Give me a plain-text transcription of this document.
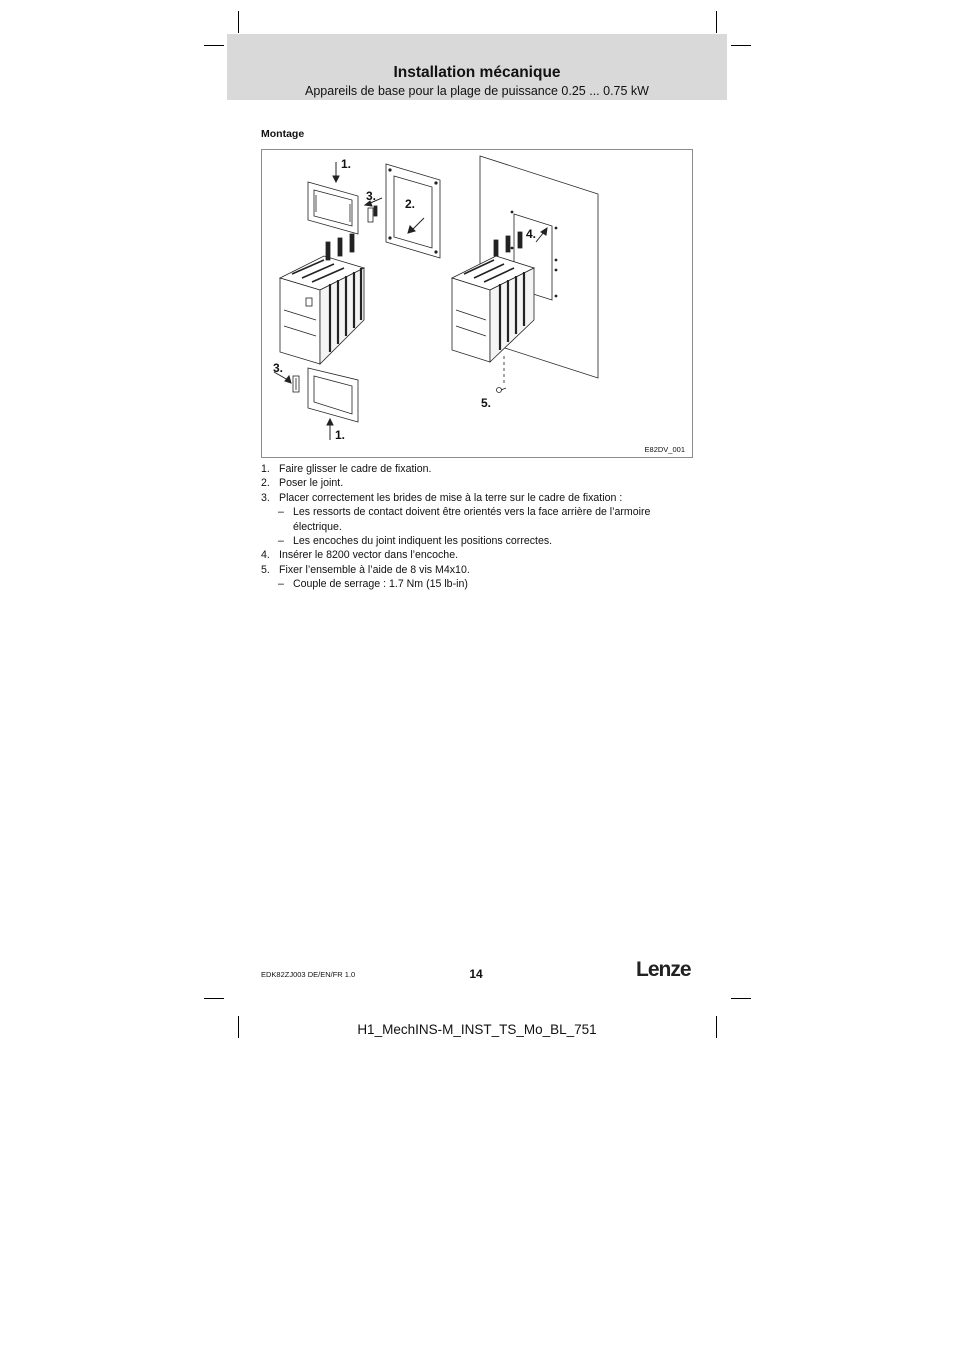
Installation mécanique
Appareils de base pour la plage de puissance 0.25 ... 0.75 kW
Montage
1.
2.
3.
4.
3.
5.
1.
E82DV_001
1. Faire glisser le cadre de fixation.
2. Poser le joint.
3. Placer correctement les brides de mise à la terre sur le cadre de fixation :
– Les ressorts de contact doivent être orientés vers la face arrière de l’armoire électrique.
– Les encoches du joint indiquent les positions correctes.
4. Insérer le 8200 vector dans l’encoche.
5. Fixer l’ensemble à l’aide de 8 vis M4x10.
– Couple de serrage : 1.7 Nm (15 lb-in)
EDK82ZJ003 DE/EN/FR 1.0	14	Lenze
H1_MechINS-M_INST_TS_Mo_BL_751
